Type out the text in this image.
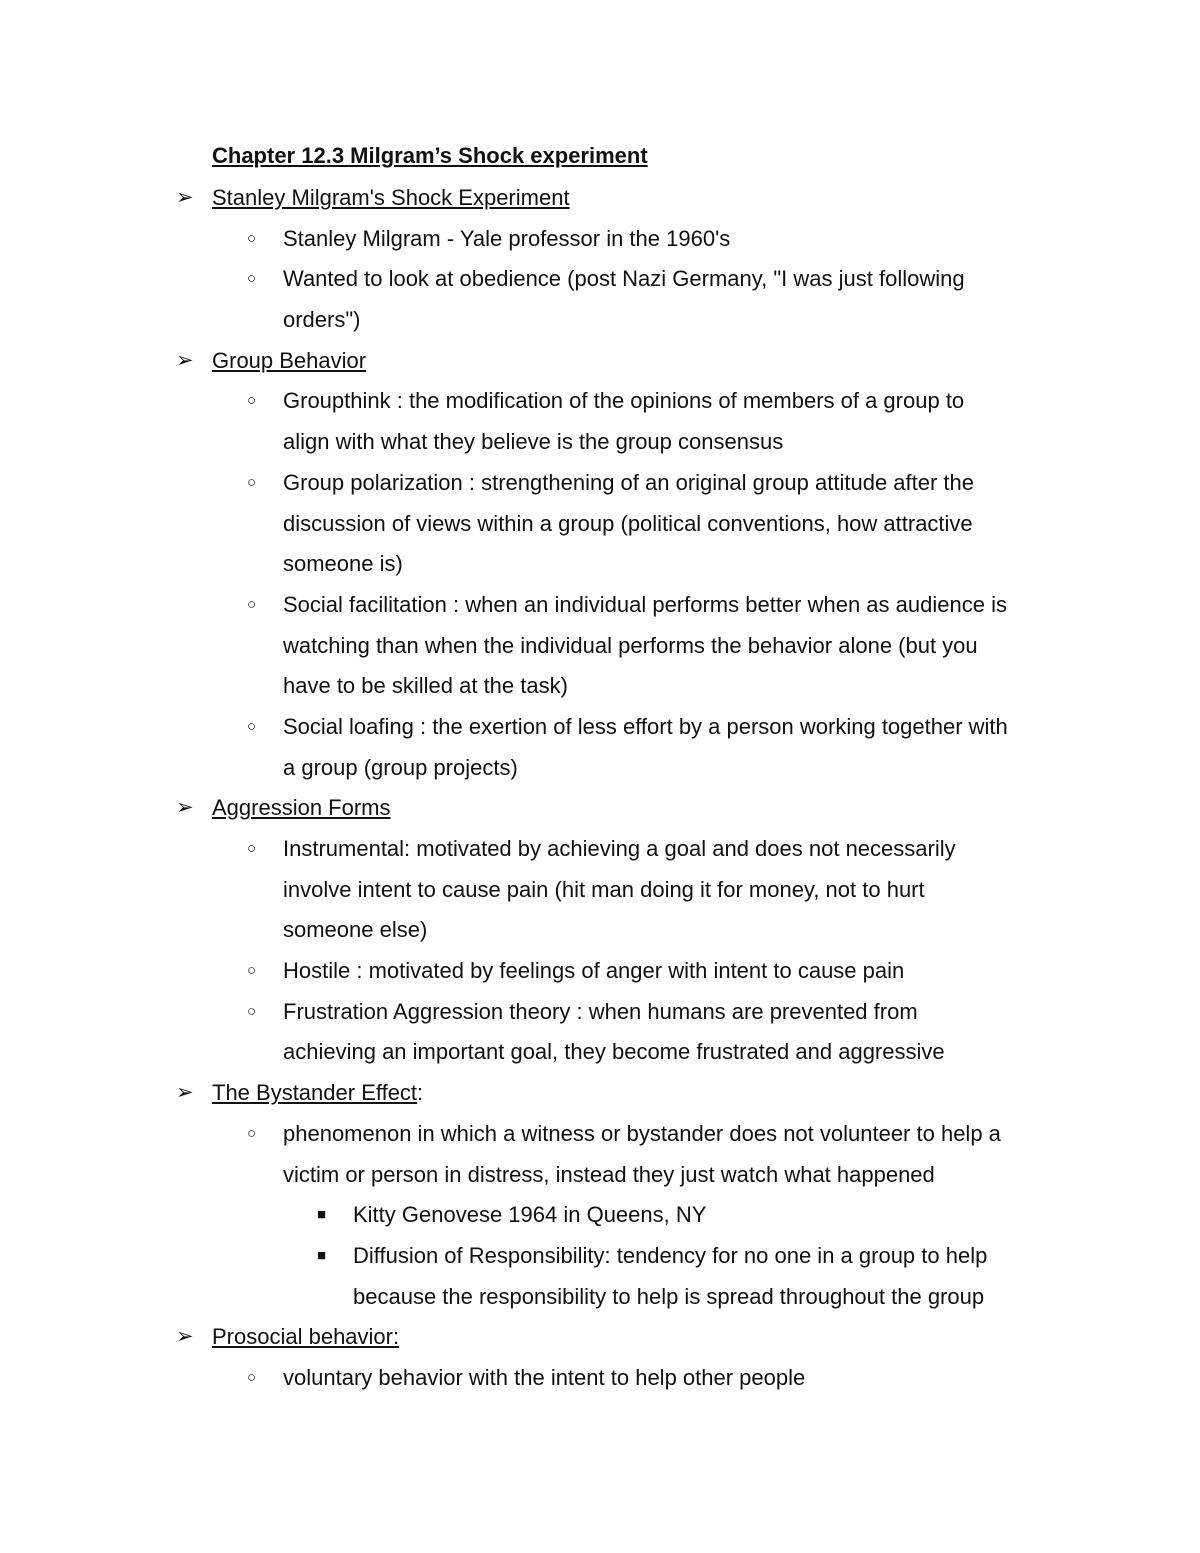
Chapter 12.3 Milgram’s Shock experiment
➢ Stanley Milgram's Shock Experiment
○ Stanley Milgram - Yale professor in the 1960's
○ Wanted to look at obedience (post Nazi Germany, "I was just following
orders")
➢ Group Behavior
○ Groupthink : the modification of the opinions of members of a group to
align with what they believe is the group consensus
○ Group polarization : strengthening of an original group attitude after the
discussion of views within a group (political conventions, how attractive
someone is)
○ Social facilitation : when an individual performs better when as audience is
watching than when the individual performs the behavior alone (but you
have to be skilled at the task)
○ Social loafing : the exertion of less effort by a person working together with
a group (group projects)
➢ Aggression Forms
○ Instrumental: motivated by achieving a goal and does not necessarily
involve intent to cause pain (hit man doing it for money, not to hurt
someone else)
○ Hostile : motivated by feelings of anger with intent to cause pain
○ Frustration Aggression theory : when humans are prevented from
achieving an important goal, they become frustrated and aggressive
➢ The Bystander Effect:
○ phenomenon in which a witness or bystander does not volunteer to help a
victim or person in distress, instead they just watch what happened
■ Kitty Genovese 1964 in Queens, NY
■ Diffusion of Responsibility: tendency for no one in a group to help
because the responsibility to help is spread throughout the group
➢ Prosocial behavior:
○ voluntary behavior with the intent to help other people
